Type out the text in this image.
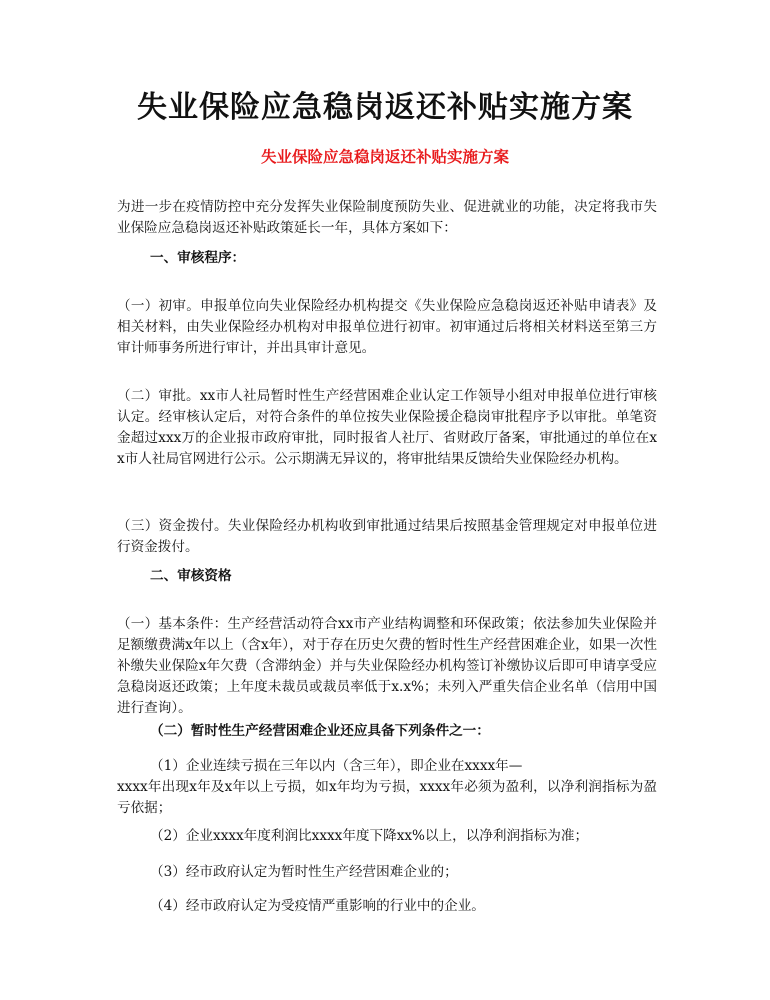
失业保险应急稳岗返还补贴实施方案
失业保险应急稳岗返还补贴实施方案

为进一步在疫情防控中充分发挥失业保险制度预防失业、促进就业的功能，决定将我市失业保险应急稳岗返还补贴政策延长一年，具体方案如下：

一、审核程序：

（一）初审。申报单位向失业保险经办机构提交《失业保险应急稳岗返还补贴申请表》及相关材料，由失业保险经办机构对申报单位进行初审。初审通过后将相关材料送至第三方审计师事务所进行审计，并出具审计意见。

（二）审批。xx市人社局暂时性生产经营困难企业认定工作领导小组对申报单位进行审核认定。经审核认定后，对符合条件的单位按失业保险援企稳岗审批程序予以审批。单笔资金超过xxx万的企业报市政府审批，同时报省人社厅、省财政厅备案，审批通过的单位在xx市人社局官网进行公示。公示期满无异议的，将审批结果反馈给失业保险经办机构。

（三）资金拨付。失业保险经办机构收到审批通过结果后按照基金管理规定对申报单位进行资金拨付。

二、审核资格

（一）基本条件：生产经营活动符合xx市产业结构调整和环保政策；依法参加失业保险并足额缴费满x年以上（含x年），对于存在历史欠费的暂时性生产经营困难企业，如果一次性补缴失业保险x年欠费（含滞纳金）并与失业保险经办机构签订补缴协议后即可申请享受应急稳岗返还政策；上年度未裁员或裁员率低于x.x%；未列入严重失信企业名单（信用中国进行查询）。

（二）暂时性生产经营困难企业还应具备下列条件之一：

（1）企业连续亏损在三年以内（含三年），即企业在xxxx年—

xxxx年出现x年及x年以上亏损，如x年均为亏损，xxxx年必须为盈利，以净利润指标为盈亏依据；

（2）企业xxxx年度利润比xxxx年度下降xx%以上，以净利润指标为准；

（3）经市政府认定为暂时性生产经营困难企业的；

（4）经市政府认定为受疫情严重影响的行业中的企业。
